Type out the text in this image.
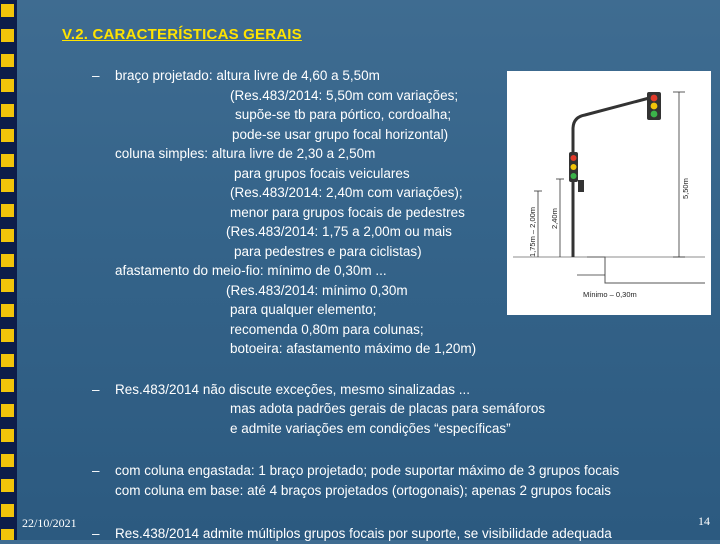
V.2. CARACTERÍSTICAS GERAIS
– braço projetado: altura livre de 4,60 a 5,50m
(Res.483/2014: 5,50m com variações;
supõe-se tb para pórtico, cordoalha;
pode-se usar grupo focal horizontal)
coluna simples: altura livre de 2,30 a 2,50m
para grupos focais veiculares
(Res.483/2014: 2,40m com variações);
menor para grupos focais de pedestres
(Res.483/2014: 1,75 a 2,00m ou mais
para pedestres e para ciclistas)
afastamento do meio-fio: mínimo de 0,30m ...
(Res.483/2014: mínimo 0,30m
para qualquer elemento;
recomenda 0,80m para colunas;
botoeira: afastamento máximo de 1,20m)
– Res.483/2014 não discute exceções, mesmo sinalizadas ...
mas adota padrões gerais de placas para semáforos
e admite variações em condições “específicas”
– com coluna engastada: 1 braço projetado; pode suportar máximo de 3 grupos focais
com coluna em base: até 4 braços projetados (ortogonais); apenas 2 grupos focais
– Res.438/2014 admite múltiplos grupos focais por suporte, se visibilidade adequada
22/10/2021	14
5,50m
2,40m
1,75m – 2,00m
Mínimo – 0,30m
